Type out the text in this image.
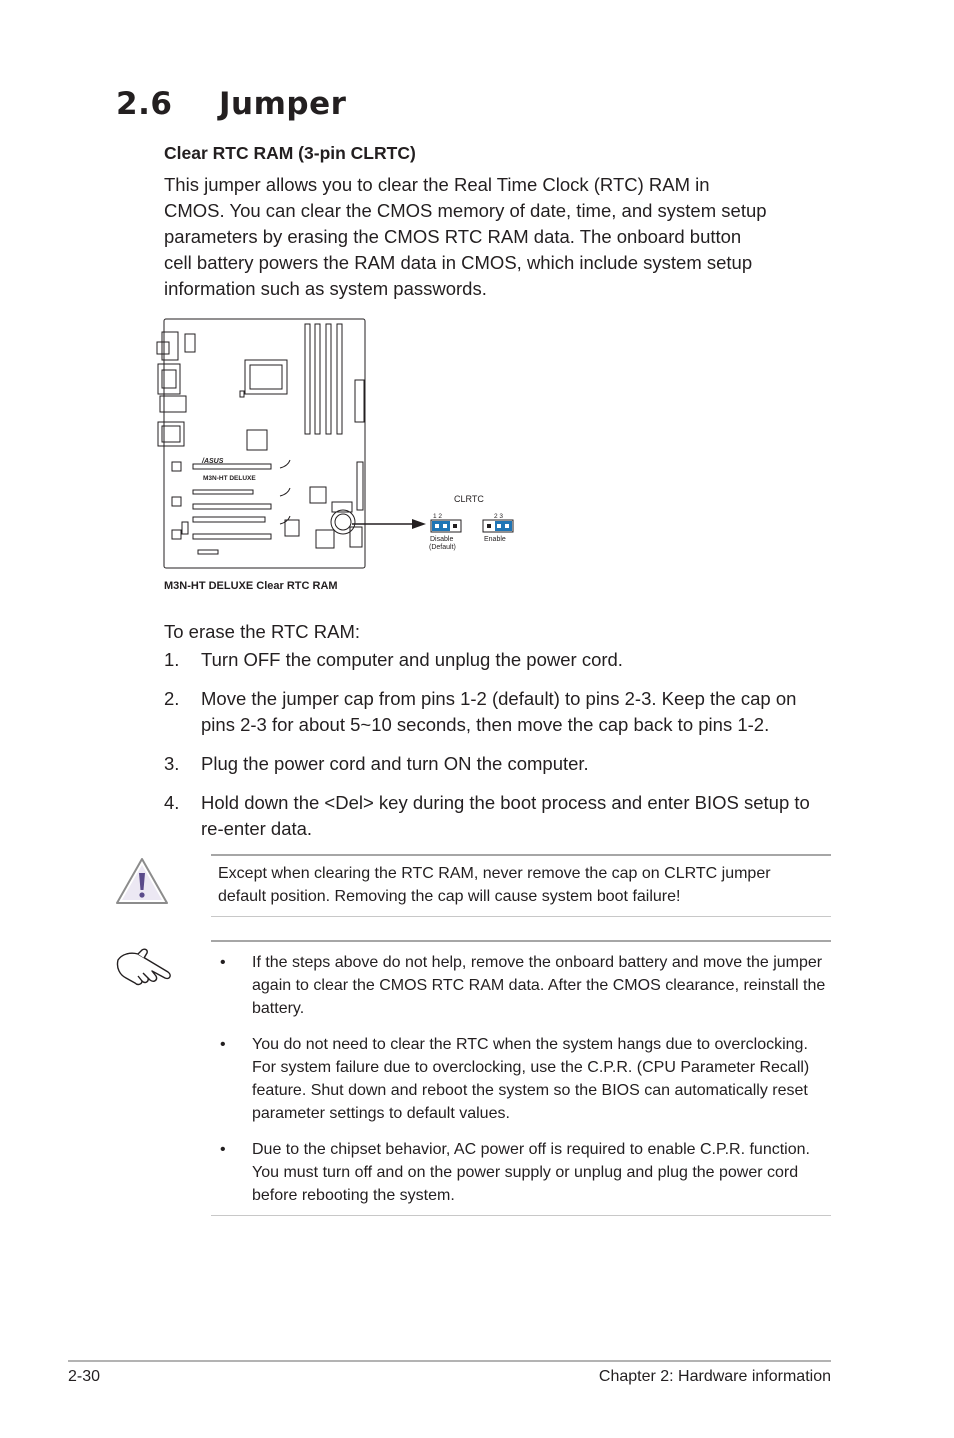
2.6 Jumper

Clear RTC RAM (3-pin CLRTC)

This jumper allows you to clear the Real Time Clock (RTC) RAM in
CMOS. You can clear the CMOS memory of date, time, and system setup
parameters by erasing the CMOS RTC RAM data. The onboard button
cell battery powers the RAM data in CMOS, which include system setup
information such as system passwords.
/ASUS
M3N-HT DELUXE
CLRTC
1 2
Disable
(Default)
2 3
Enable
M3N-HT DELUXE Clear RTC RAM

To erase the RTC RAM:

1. Turn OFF the computer and unplug the power cord.
2. Move the jumper cap from pins 1-2 (default) to pins 2-3. Keep the cap on pins 2-3 for about 5~10 seconds, then move the cap back to pins 1-2.
3. Plug the power cord and turn ON the computer.
4. Hold down the <Del> key during the boot process and enter BIOS setup to re-enter data.

Except when clearing the RTC RAM, never remove the cap on CLRTC jumper default position. Removing the cap will cause system boot failure!

• If the steps above do not help, remove the onboard battery and move the jumper again to clear the CMOS RTC RAM data. After the CMOS clearance, reinstall the battery.
• You do not need to clear the RTC when the system hangs due to overclocking. For system failure due to overclocking, use the C.P.R. (CPU Parameter Recall) feature. Shut down and reboot the system so the BIOS can automatically reset parameter settings to default values.
• Due to the chipset behavior, AC power off is required to enable C.P.R. function. You must turn off and on the power supply or unplug and plug the power cord before rebooting the system.

2-30	Chapter 2: Hardware information
